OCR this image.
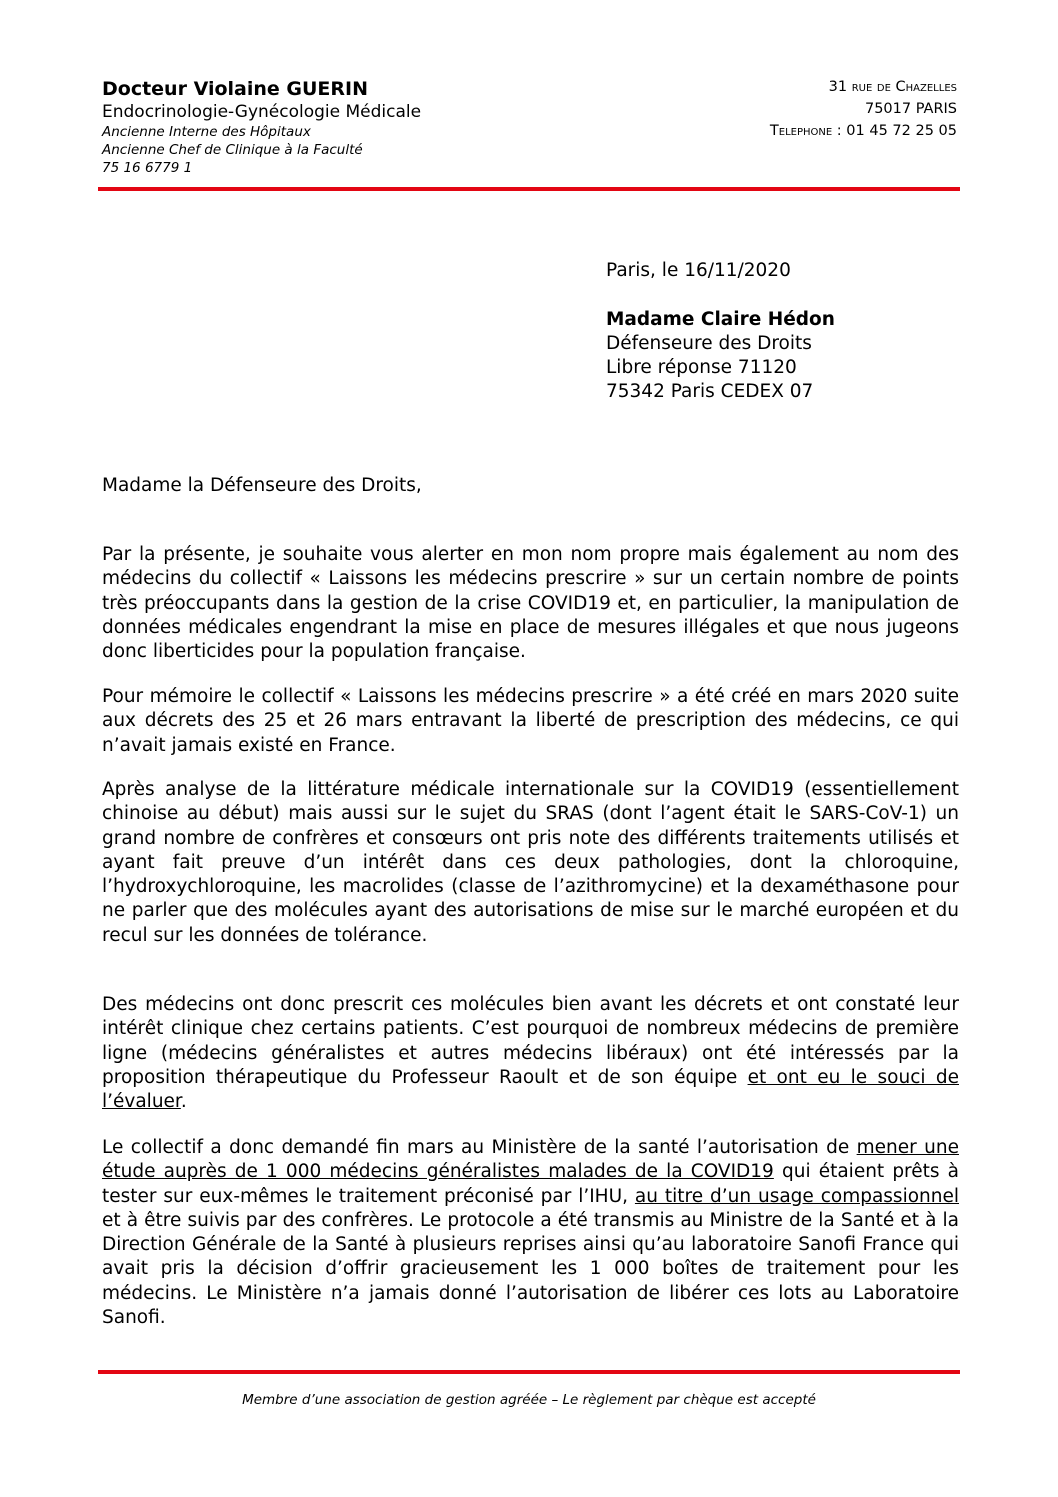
Docteur Violaine GUERIN
Endocrinologie-Gynécologie Médicale
Ancienne Interne des Hôpitaux
Ancienne Chef de Clinique à la Faculté
75 16 6779 1
31 rue de Chazelles
75017 PARIS
Telephone : 01 45 72 25 05
Paris, le 16/11/2020
Madame Claire Hédon
Défenseure des Droits
Libre réponse 71120
75342 Paris CEDEX 07
Madame la Défenseure des Droits,
Par la présente, je souhaite vous alerter en mon nom propre mais également au nom des médecins du collectif « Laissons les médecins prescrire » sur un certain nombre de points très préoccupants dans la gestion de la crise COVID19 et, en particulier, la manipulation de données médicales engendrant la mise en place de mesures illégales et que nous jugeons donc liberticides pour la population française.
Pour mémoire le collectif « Laissons les médecins prescrire » a été créé en mars 2020 suite aux décrets des 25 et 26 mars entravant la liberté de prescription des médecins, ce qui n’avait jamais existé en France.
Après analyse de la littérature médicale internationale sur la COVID19 (essentiellement chinoise au début) mais aussi sur le sujet du SRAS (dont l’agent était le SARS-CoV-1) un grand nombre de confrères et consœurs ont pris note des différents traitements utilisés et ayant fait preuve d’un intérêt dans ces deux pathologies, dont la chloroquine, l’hydroxychloroquine, les macrolides (classe de l’azithromycine) et la dexaméthasone pour ne parler que des molécules ayant des autorisations de mise sur le marché européen et du recul sur les données de tolérance.
Des médecins ont donc prescrit ces molécules bien avant les décrets et ont constaté leur intérêt clinique chez certains patients. C’est pourquoi de nombreux médecins de première ligne (médecins généralistes et autres médecins libéraux) ont été intéressés par la proposition thérapeutique du Professeur Raoult et de son équipe et ont eu le souci de l’évaluer.
Le collectif a donc demandé fin mars au Ministère de la santé l’autorisation de mener une étude auprès de 1 000 médecins généralistes malades de la COVID19 qui étaient prêts à tester sur eux-mêmes le traitement préconisé par l’IHU, au titre d’un usage compassionnel et à être suivis par des confrères. Le protocole a été transmis au Ministre de la Santé et à la Direction Générale de la Santé à plusieurs reprises ainsi qu’au laboratoire Sanofi France qui avait pris la décision d’offrir gracieusement les 1 000 boîtes de traitement pour les médecins. Le Ministère n’a jamais donné l’autorisation de libérer ces lots au Laboratoire Sanofi.
Membre d’une association de gestion agréée – Le règlement par chèque est accepté
